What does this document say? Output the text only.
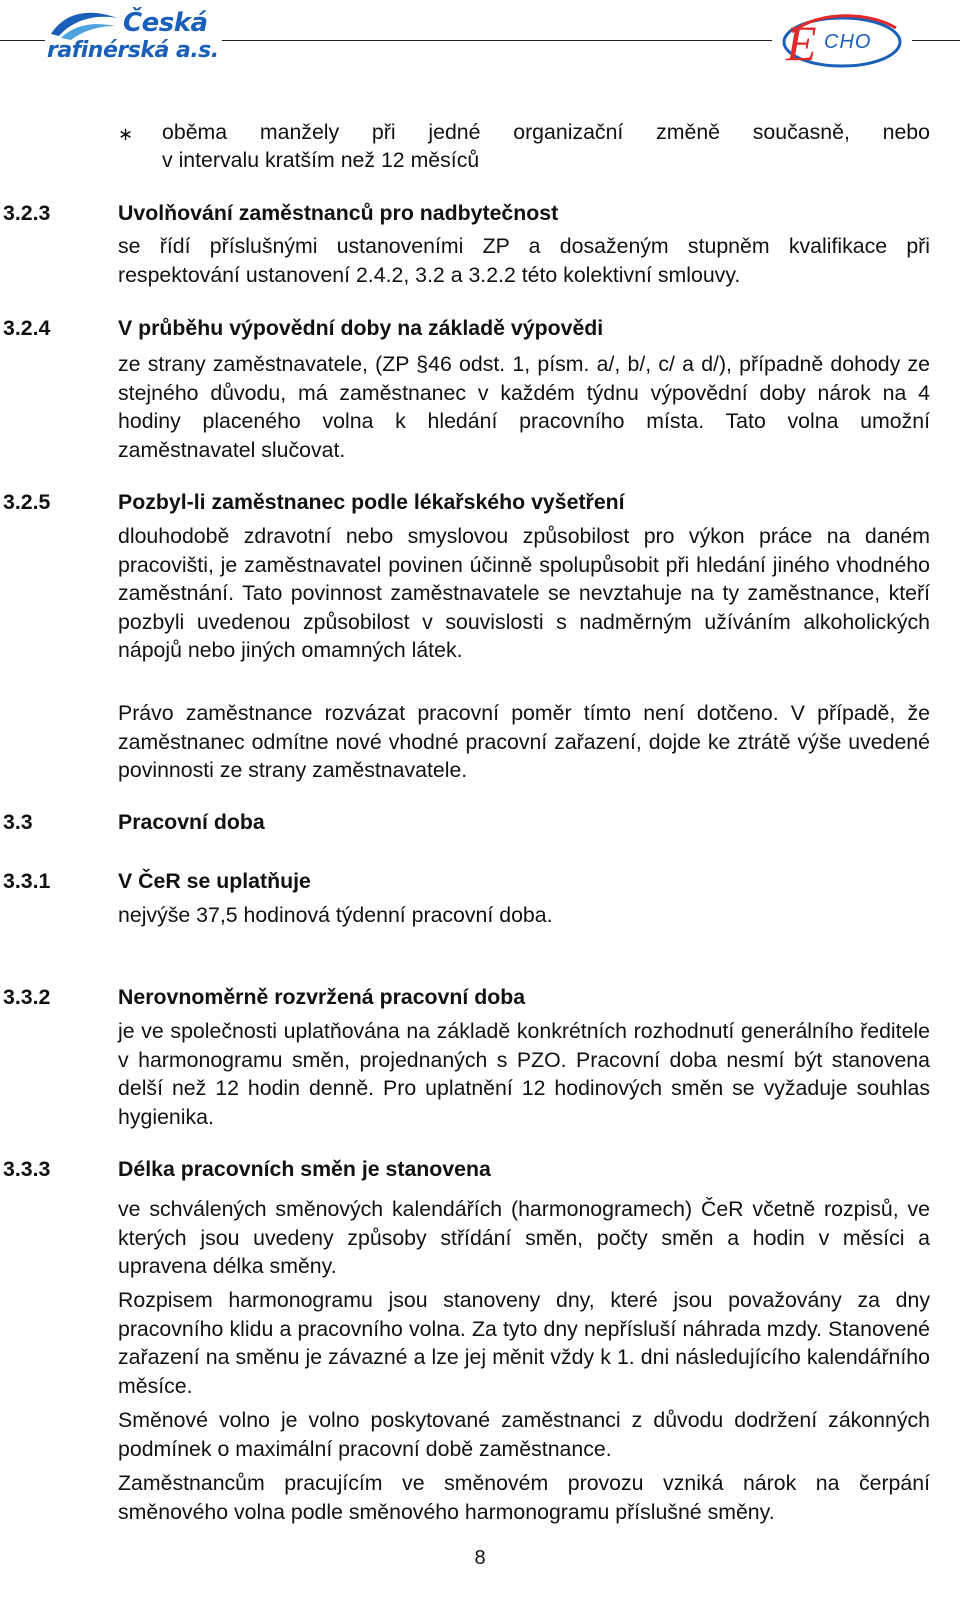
Česká
rafinérská a.s.	E CHO
∗ oběma manžely při jedné organizační změně současně, nebo
v intervalu kratším než 12 měsíců
3.2.3	Uvolňování zaměstnanců pro nadbytečnost
se řídí příslušnými ustanoveními ZP a dosaženým stupněm kvalifikace při respektování ustanovení 2.4.2, 3.2 a 3.2.2 této kolektivní smlouvy.
3.2.4	V průběhu výpovědní doby na základě výpovědi
ze strany zaměstnavatele, (ZP §46 odst. 1, písm. a/, b/, c/ a d/), případně dohody ze stejného důvodu, má zaměstnanec v každém týdnu výpovědní doby nárok na 4 hodiny placeného volna k hledání pracovního místa. Tato volna umožní zaměstnavatel slučovat.
3.2.5	Pozbyl-li zaměstnanec podle lékařského vyšetření
dlouhodobě zdravotní nebo smyslovou způsobilost pro výkon práce na daném pracovišti, je zaměstnavatel povinen účinně spolupůsobit při hledání jiného vhodného zaměstnání. Tato povinnost zaměstnavatele se nevztahuje na ty zaměstnance, kteří pozbyli uvedenou způsobilost v souvislosti s nadměrným užíváním alkoholických nápojů nebo jiných omamných látek.
Právo zaměstnance rozvázat pracovní poměr tímto není dotčeno. V případě, že zaměstnanec odmítne nové vhodné pracovní zařazení, dojde ke ztrátě výše uvedené povinnosti ze strany zaměstnavatele.
3.3	Pracovní doba
3.3.1	V ČeR se uplatňuje
nejvýše 37,5 hodinová týdenní pracovní doba.
3.3.2	Nerovnoměrně rozvržená pracovní doba
je ve společnosti uplatňována na základě konkrétních rozhodnutí generálního ředitele v harmonogramu směn, projednaných s PZO. Pracovní doba nesmí být stanovena delší než 12 hodin denně. Pro uplatnění 12 hodinových směn se vyžaduje souhlas hygienika.
3.3.3	Délka pracovních směn je stanovena
ve schválených směnových kalendářích (harmonogramech) ČeR včetně rozpisů, ve kterých jsou uvedeny způsoby střídání směn, počty směn a hodin v měsíci a upravena délka směny.
Rozpisem harmonogramu jsou stanoveny dny, které jsou považovány za dny pracovního klidu a pracovního volna. Za tyto dny nepřísluší náhrada mzdy. Stanovené zařazení na směnu je závazné a lze jej měnit vždy k 1. dni následujícího kalendářního měsíce.
Směnové volno je volno poskytované zaměstnanci z důvodu dodržení zákonných podmínek o maximální pracovní době zaměstnance.
Zaměstnancům pracujícím ve směnovém provozu vzniká nárok na čerpání směnového volna podle směnového harmonogramu příslušné směny.
8
